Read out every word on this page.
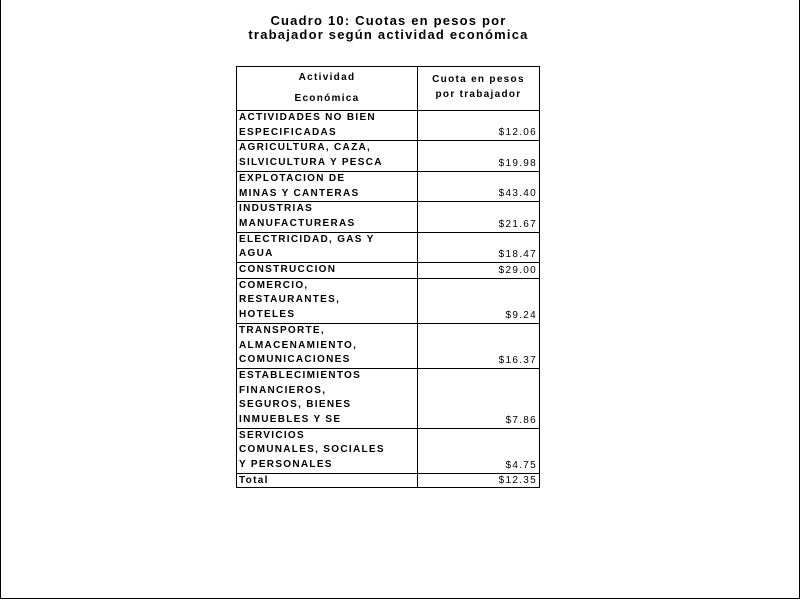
Cuadro 10: Cuotas en pesos por
trabajador según actividad económica
Actividad
Económica	Cuota en pesos
por trabajador

ACTIVIDADES NO BIEN
ESPECIFICADAS	$12.06

AGRICULTURA, CAZA,
SILVICULTURA Y PESCA	$19.98

EXPLOTACION DE
MINAS Y CANTERAS	$43.40

INDUSTRIAS
MANUFACTURERAS	$21.67

ELECTRICIDAD, GAS Y
AGUA	$18.47

CONSTRUCCION	$29.00

COMERCIO,
RESTAURANTES,
HOTELES	$9.24

TRANSPORTE,
ALMACENAMIENTO,
COMUNICACIONES	$16.37

ESTABLECIMIENTOS
FINANCIEROS,
SEGUROS, BIENES
INMUEBLES Y SE	$7.86

SERVICIOS
COMUNALES, SOCIALES
Y PERSONALES	$4.75
Total	$12.35
